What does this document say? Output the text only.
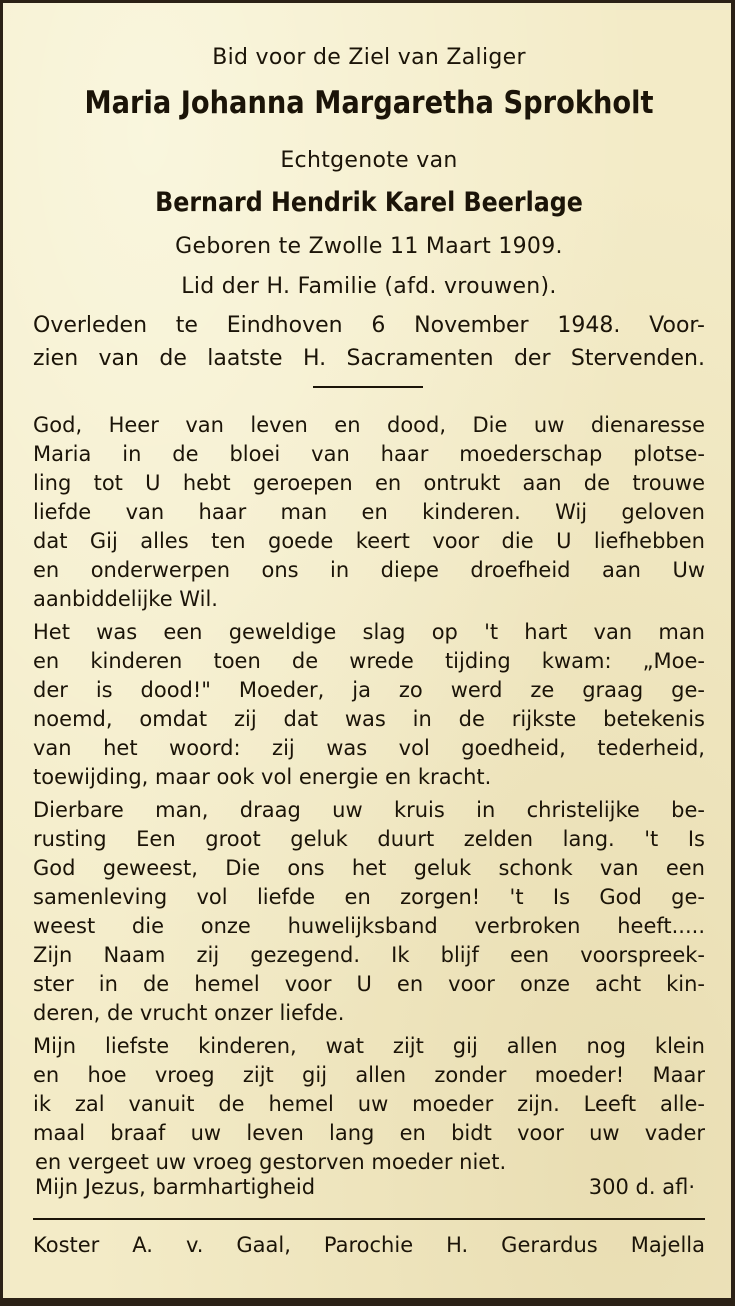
Bid voor de Ziel van Zaliger
Maria Johanna Margaretha Sprokholt
Echtgenote van
Bernard Hendrik Karel Beerlage
Geboren te Zwolle 11 Maart 1909.
Lid der H. Familie (afd. vrouwen).
Overleden te Eindhoven 6 November 1948. Voor-
zien van de laatste H. Sacramenten der Stervenden.
God, Heer van leven en dood, Die uw dienaresse
Maria in de bloei van haar moederschap plotse-
ling tot U hebt geroepen en ontrukt aan de trouwe
liefde van haar man en kinderen. Wij geloven
dat Gij alles ten goede keert voor die U liefhebben
en onderwerpen ons in diepe droefheid aan Uw
aanbiddelijke Wil.
Het was een geweldige slag op 't hart van man
en kinderen toen de wrede tijding kwam: „Moe-
der is dood!" Moeder, ja zo werd ze graag ge-
noemd, omdat zij dat was in de rijkste betekenis
van het woord: zij was vol goedheid, tederheid,
toewijding, maar ook vol energie en kracht.
Dierbare man, draag uw kruis in christelijke be-
rusting Een groot geluk duurt zelden lang. 't Is
God geweest, Die ons het geluk schonk van een
samenleving vol liefde en zorgen! 't Is God ge-
weest die onze huwelijksband verbroken heeft.....
Zijn Naam zij gezegend. Ik blijf een voorspreek-
ster in de hemel voor U en voor onze acht kin-
deren, de vrucht onzer liefde.
Mijn liefste kinderen, wat zijt gij allen nog klein
en hoe vroeg zijt gij allen zonder moeder! Maar
ik zal vanuit de hemel uw moeder zijn. Leeft alle-
maal braaf uw leven lang en bidt voor uw vader
en vergeet uw vroeg gestorven moeder niet.
Mijn Jezus, barmhartigheid	300 d. afl·
Koster A. v. Gaal, Parochie H. Gerardus Majella
